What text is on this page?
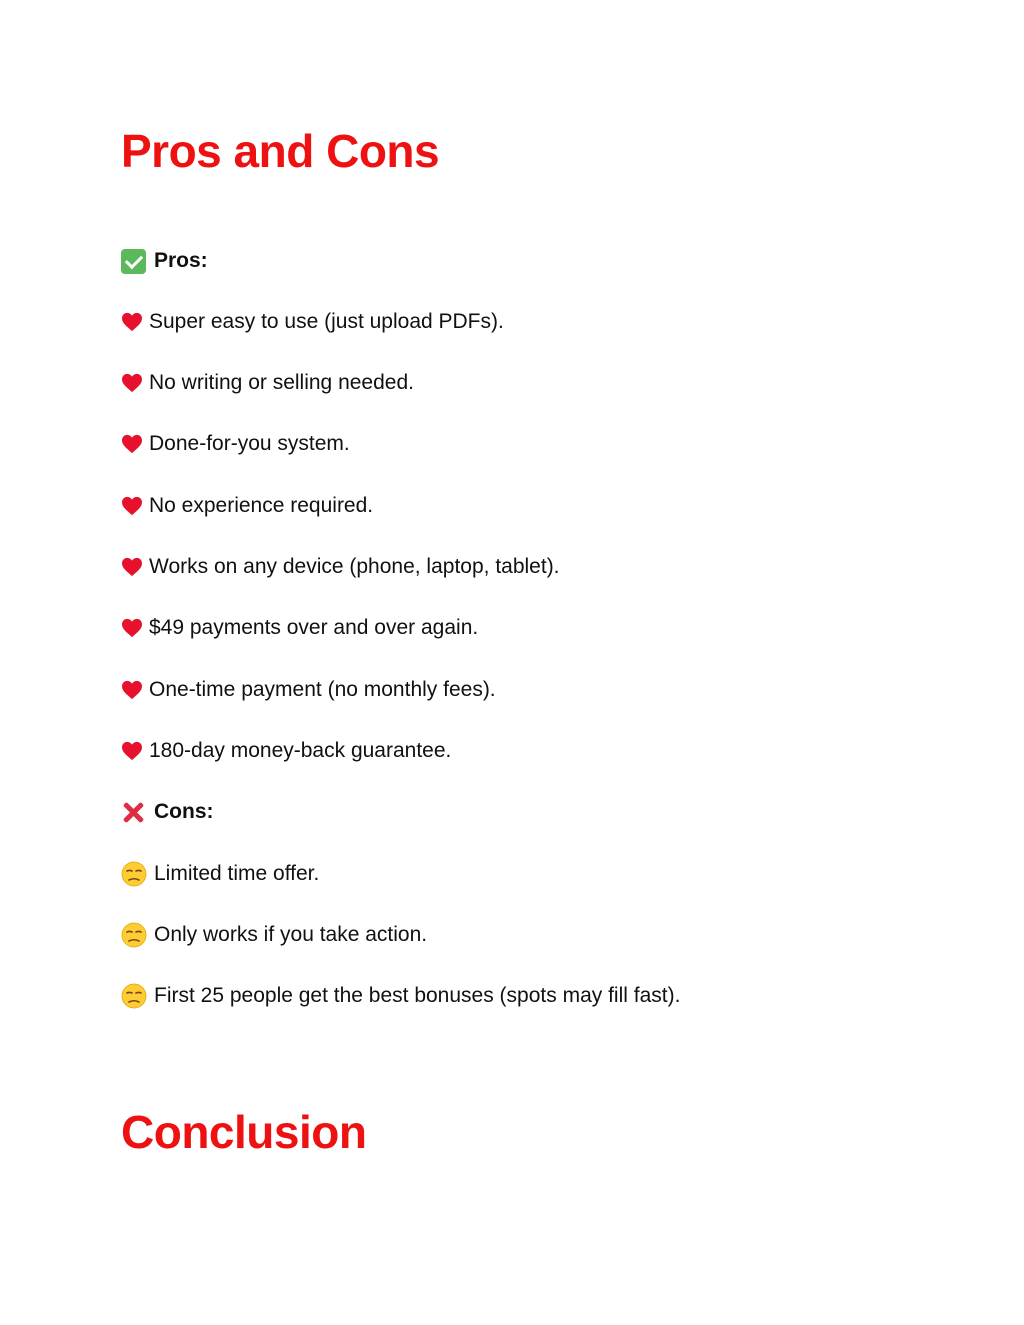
Pros and Cons
Pros:
Super easy to use (just upload PDFs).
No writing or selling needed.
Done-for-you system.
No experience required.
Works on any device (phone, laptop, tablet).
$49 payments over and over again.
One-time payment (no monthly fees).
180-day money-back guarantee.
Cons:
Limited time offer.
Only works if you take action.
First 25 people get the best bonuses (spots may fill fast).
Conclusion
